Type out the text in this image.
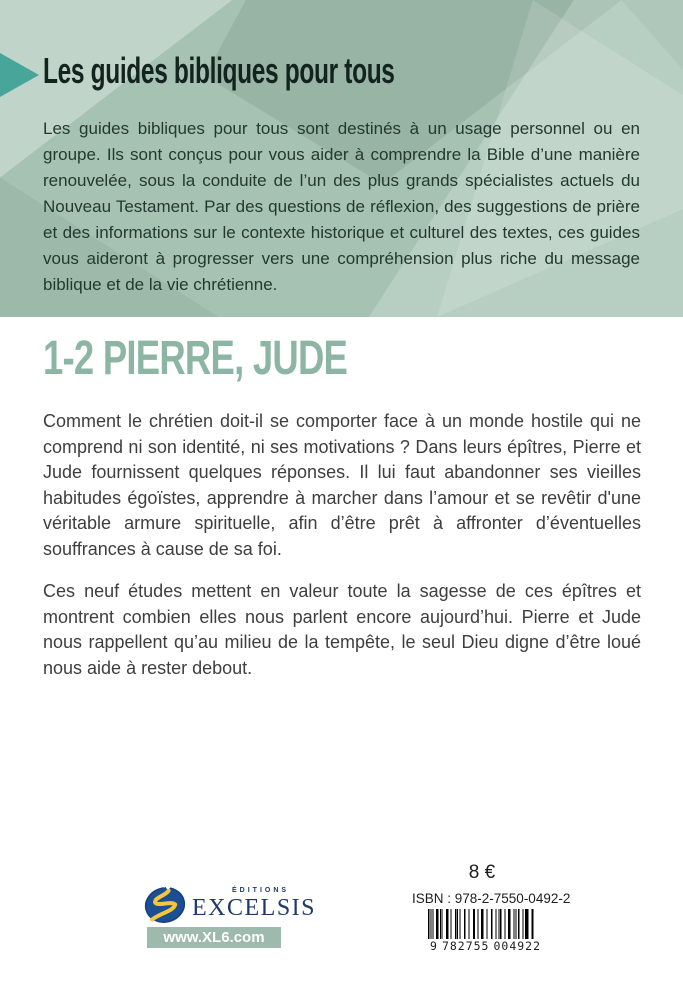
Les guides bibliques pour tous

Les guides bibliques pour tous sont destinés à un usage personnel ou en groupe. Ils sont conçus pour vous aider à comprendre la Bible d’une manière renouvelée, sous la conduite de l’un des plus grands spécialistes actuels du Nouveau Testament. Par des questions de réflexion, des suggestions de prière et des informations sur le contexte historique et culturel des textes, ces guides vous aideront à progresser vers une compréhension plus riche du message biblique et de la vie chrétienne.

1-2 PIERRE, JUDE

Comment le chrétien doit-il se comporter face à un monde hostile qui ne comprend ni son identité, ni ses motivations ? Dans leurs épîtres, Pierre et Jude fournissent quelques réponses. Il lui faut abandonner ses vieilles habitudes égoïstes, apprendre à marcher dans l’amour et se revêtir d'une véritable armure spirituelle, afin d’être prêt à affronter d’éventuelles souffrances à cause de sa foi.

Ces neuf études mettent en valeur toute la sagesse de ces épîtres et montrent combien elles nous parlent encore aujourd’hui. Pierre et Jude nous rappellent qu’au milieu de la tempête, le seul Dieu digne d’être loué nous aide à rester debout.

ÉDITIONS
EXCELSIS
www.XL6.com
8 €
ISBN : 978-2-7550-0492-2
9 782755 004922
